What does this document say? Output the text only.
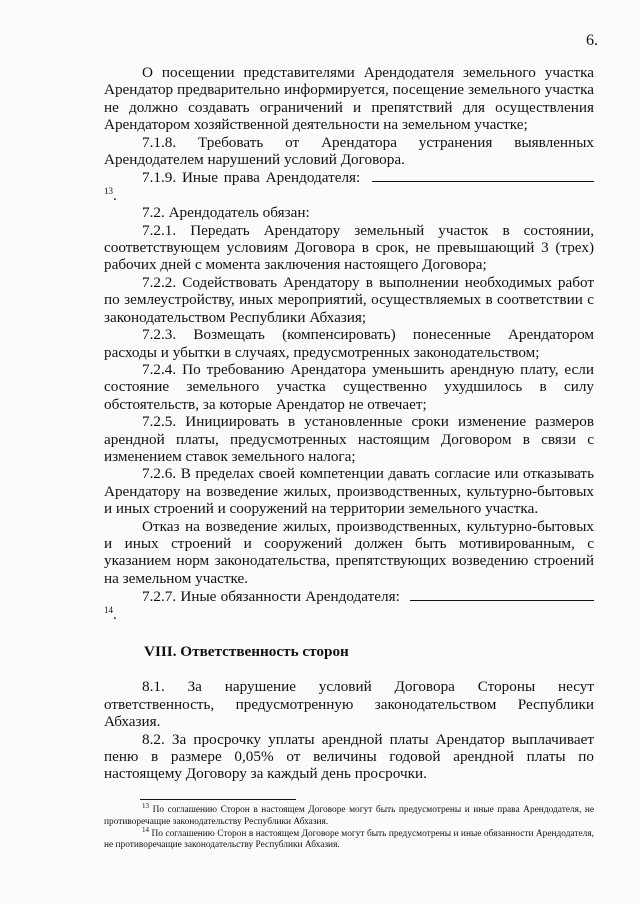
6.

О посещении представителями Арендодателя земельного участка Арендатор предварительно информируется, посещение земельного участка не должно создавать ограничений и препятствий для осуществления Арендатором хозяйственной деятельности на земельном участке;

7.1.8. Требовать от Арендатора устранения выявленных Арендодателем нарушений условий Договора.

7.1.9. Иные права Арендодателя: $^{13}$.

7.2. Арендодатель обязан:

7.2.1. Передать Арендатору земельный участок в состоянии, соответствующем условиям Договора в срок, не превышающий 3 (трех) рабочих дней с момента заключения настоящего Договора;

7.2.2. Содействовать Арендатору в выполнении необходимых работ по землеустройству, иных мероприятий, осуществляемых в соответствии с законодательством Республики Абхазия;

7.2.3. Возмещать (компенсировать) понесенные Арендатором расходы и убытки в случаях, предусмотренных законодательством;

7.2.4. По требованию Арендатора уменьшить арендную плату, если состояние земельного участка существенно ухудшилось в силу обстоятельств, за которые Арендатор не отвечает;

7.2.5. Инициировать в установленные сроки изменение размеров арендной платы, предусмотренных настоящим Договором в связи с изменением ставок земельного налога;

7.2.6. В пределах своей компетенции давать согласие или отказывать Арендатору на возведение жилых, производственных, культурно-бытовых и иных строений и сооружений на территории земельного участка.

Отказ на возведение жилых, производственных, культурно-бытовых и иных строений и сооружений должен быть мотивированным, с указанием норм законодательства, препятствующих возведению строений на земельном участке.

7.2.7. Иные обязанности Арендодателя: $^{14}$.

VIII. Ответственность сторон

8.1. За нарушение условий Договора Стороны несут ответственность, предусмотренную законодательством Республики Абхазия.

8.2. За просрочку уплаты арендной платы Арендатор выплачивает пеню в размере 0,05% от величины годовой арендной платы по настоящему Договору за каждый день просрочки.

$^{13}$ По соглашению Сторон в настоящем Договоре могут быть предусмотрены и иные права Арендодателя, не противоречащие законодательству Республики Абхазия.

$^{14}$ По соглашению Сторон в настоящем Договоре могут быть предусмотрены и иные обязанности Арендодателя, не противоречащие законодательству Республики Абхазия.
